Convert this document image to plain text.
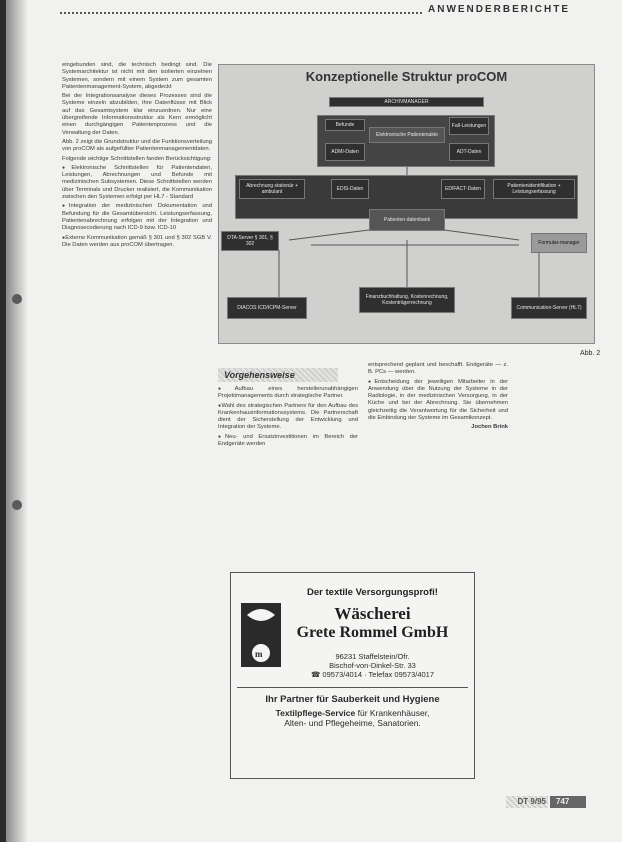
ANWENDERBERICHTE

eingebunden sind, die technisch bedingt sind. Die Systemarchitektur ist nicht mit den isolierten einzelnen Systemen, sondern mit einem System zum gesamten Patientenmanagement-System, abgedeckt

Bei der Integrationsanalyse dieses Prozesses sind die Systeme einzeln abzubilden, ihre Datenflüsse mit Blick auf das Gesamtsystem klar einzuordnen. Nur eine übergreifende Informationsstruktur als Kern ermöglicht einen durchgängigen Patientenprozess und die Verwaltung der Daten.

Abb. 2 zeigt die Grundstruktur und die Funktionsverteilung von proCOM als aufgefüllter Patientenmanagementdaten.

Folgende wichtige Schnittstellen fanden Berücksichtigung:

● Elektronische Schnittstellen für Patientendaten, Leistungen, Abrechnungen und Befunde mit medizinischen Subsystemen. Diese Schnittstellen werden über Terminals und Drucker realisiert, die Kommunikation zwischen den Systemen erfolgt per HL7 - Standard

● Integration der medizinischen Dokumentation und Befundung für die Gesamtübersicht. Leistungserfassung, Patientenabrechnung erfolgen mit der Integration und Diagnosecodierung nach ICD-9 bzw. ICD-10

● Externe Kommunikation gemäß § 301 und § 302 SGB V. Die Daten werden aus proCOM übertragen.

Konzeptionelle Struktur proCOM
ARCHIVMANAGER
Befunde	Fall-Leistungen
Elektronische Patientenakte
ADMI-Daten	ADT-Daten
Abrechnung stationär + ambulant	EDIS-Daten	EDIFACT-Daten	Patientenidentifikation + Leistungserfassung
Patienten-datenbank
DTA-Server § 301, § 302	Formular-manager
Finanzbuchhaltung, Kostenrechnung, Kostenträgerrechnung
DIACOS ICD/ICPM-Server	Communication-Server (HL7)
Abb. 2
Vorgehensweise

● Aufbau eines herstellerunabhängigen Projektmanagements durch strategische Partner.

● Wahl des strategischen Partners für den Aufbau des Krankenhausinformationssystems. Die Partnerschaft dient der Sicherstellung der Entwicklung und Integration der Systeme.

● Neu- und Ersatzinvestitionen im Bereich der Endgeräte werden

entsprechend geplant und beschafft. Endgeräte — z. B. PCs — werden.

● Entscheidung der jeweiligen Mitarbeiter in der Anwendung über die Nutzung der Systeme in der Radiologie, in der medizinischen Versorgung, in der Küche und bei der Abrechnung. Sie übernehmen gleichzeitig die Verantwortung für die Sicherheit und die Einbindung der Systeme im Gesamtkonzept.

Jochen Brink

Der textile Versorgungsprofi!
m
Wäscherei
Grete Rommel GmbH
96231 Staffelstein/Ofr.
Bischof-von-Dinkel-Str. 33
☎ 09573/4014 · Telefax 09573/4017
Ihr Partner für Sauberkeit und Hygiene
Textilpflege-Service für Krankenhäuser,
Alten- und Pflegeheime, Sanatorien.
DT 9/95 747
